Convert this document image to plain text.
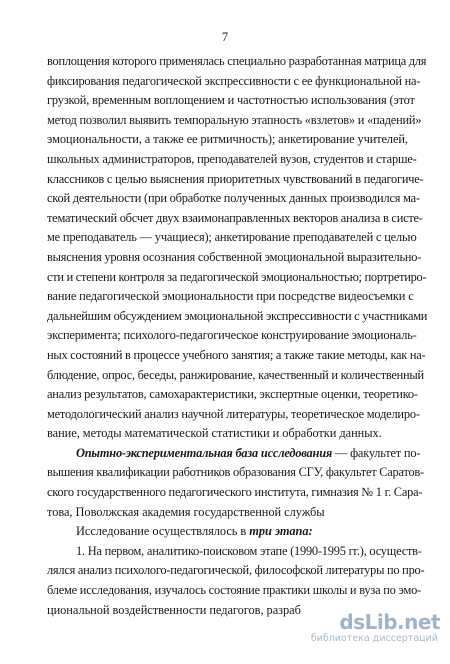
7

воплощения которого применялась специально разработанная матрица для
фиксирования педагогической экспрессивности с ее функциональной на-
грузкой, временным воплощением и частотностью использования (этот
метод позволил выявить темпоральную этапность «взлетов» и «падений»
эмоциональности, а также ее ритмичность); анкетирование учителей,
школьных администраторов, преподавателей вузов, студентов и старше-
классников с целью выяснения приоритетных чувствований в педагогиче-
ской деятельности (при обработке полученных данных производился ма-
тематический обсчет двух взаимонаправленных векторов анализа в систе-
ме преподаватель — учащиеся); анкетирование преподавателей с целью
выяснения уровня осознания собственной эмоциональной выразительно-
сти и степени контроля за педагогической эмоциональностью; портретиро-
вание педагогической эмоциональности при посредстве видеосъемки с
дальнейшим обсуждением эмоциональной экспрессивности с участниками
эксперимента; психолого-педагогическое конструирование эмоциональ-
ных состояний в процессе учебного занятия; а также такие методы, как на-
блюдение, опрос, беседы, ранжирование, качественный и количественный
анализ результатов, самохарактеристики, экспертные оценки, теоретико-
методологический анализ научной литературы, теоретическое моделиро-
вание, методы математической статистики и обработки данных.

Опытно-экспериментальная база исследования — факультет по-
вышения квалификации работников образования СГУ, факультет Саратов-
ского государственного педагогического института, гимназия № 1 г. Сара-
това, Поволжская академия государственной службы

Исследование осуществлялось в три этапа:

1. На первом, аналитико-поисковом этапе (1990-1995 гг.), осуществ-
лялся анализ психолого-педагогической, философской литературы по про-
блеме исследования, изучалось состояние практики школы и вуза по эмо-
циональной воздейственности педагогов, разраб

dsLib.net
библиотека диссертаций
